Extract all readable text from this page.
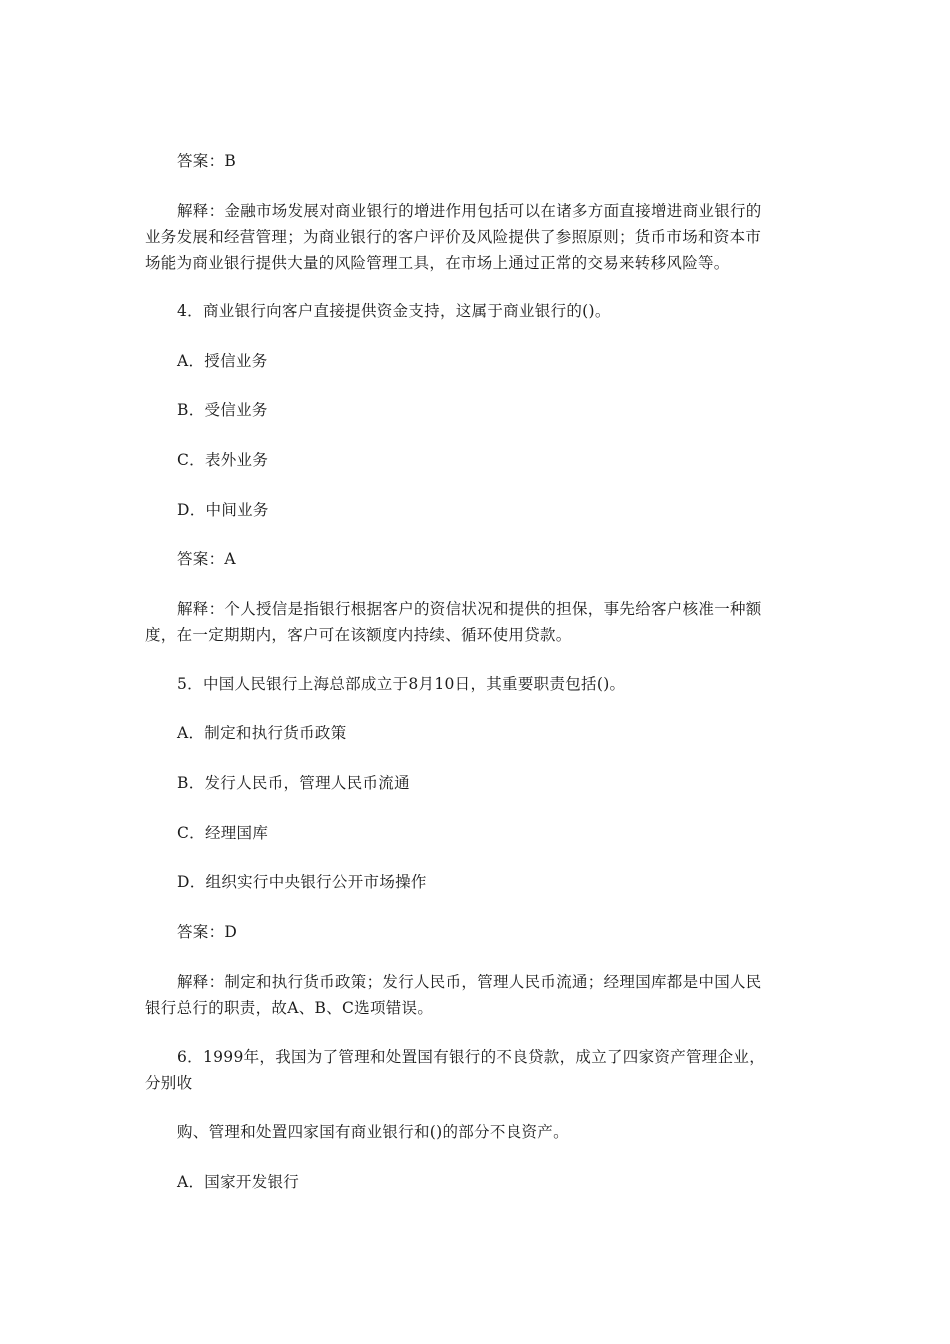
答案：B
解释：金融市场发展对商业银行的增进作用包括可以在诸多方面直接增进商业银行的
业务发展和经营管理；为商业银行的客户评价及风险提供了参照原则；货币市场和资本市
场能为商业银行提供大量的风险管理工具，在市场上通过正常的交易来转移风险等。
4．商业银行向客户直接提供资金支持，这属于商业银行的()。
A．授信业务
B．受信业务
C．表外业务
D．中间业务
答案：A
解释：个人授信是指银行根据客户的资信状况和提供的担保，事先给客户核准一种额
度，在一定期期内，客户可在该额度内持续、循环使用贷款。
5．中国人民银行上海总部成立于8月10日，其重要职责包括()。
A．制定和执行货币政策
B．发行人民币，管理人民币流通
C．经理国库
D．组织实行中央银行公开市场操作
答案：D
解释：制定和执行货币政策；发行人民币，管理人民币流通；经理国库都是中国人民
银行总行的职责，故A、B、C选项错误。
6．1999年，我国为了管理和处置国有银行的不良贷款，成立了四家资产管理企业，
分别收
购、管理和处置四家国有商业银行和()的部分不良资产。
A．国家开发银行
